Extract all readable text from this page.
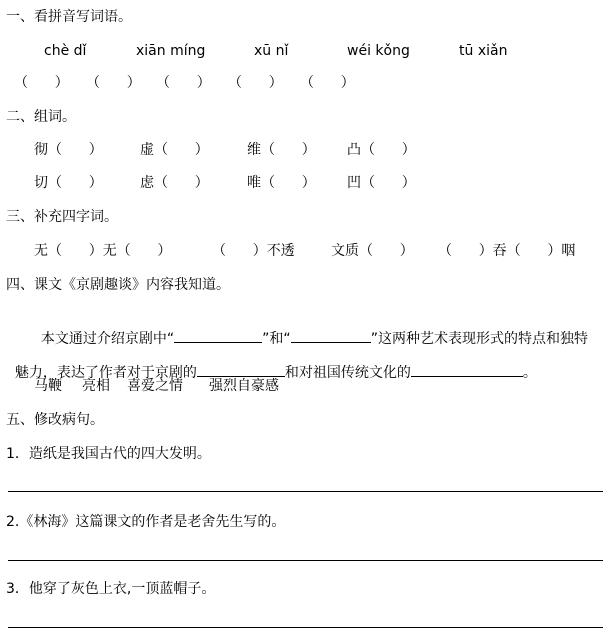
一、看拼音写词语。
chè dǐ	xiān míng	xū nǐ	wéi kǒng	tū xiǎn
（      ） （      ） （      ） （      ） （      ）
二、组词。
彻（      ）	虚（      ）	维（      ） 凸（      ）
切（      ）	虑（      ）	唯（      ） 凹（      ）
三、补充四字词。
无（      ）无（      ）	（      ）不透	文质（      ） （      ）吞（      ）咽
四、课文《京剧趣谈》内容我知道。

本文通过介绍京剧中“	”和“	”这两种艺术表现形式的特点和独特

魅力，表达了作者对于京剧的	和对祖国传统文化的	。

马鞭 亮相 喜爱之情 强烈自豪感
五、修改病句。
1．造纸是我国古代的四大发明。
2.《林海》这篇课文的作者是老舍先生写的。
3．他穿了灰色上衣,一顶蓝帽子。
